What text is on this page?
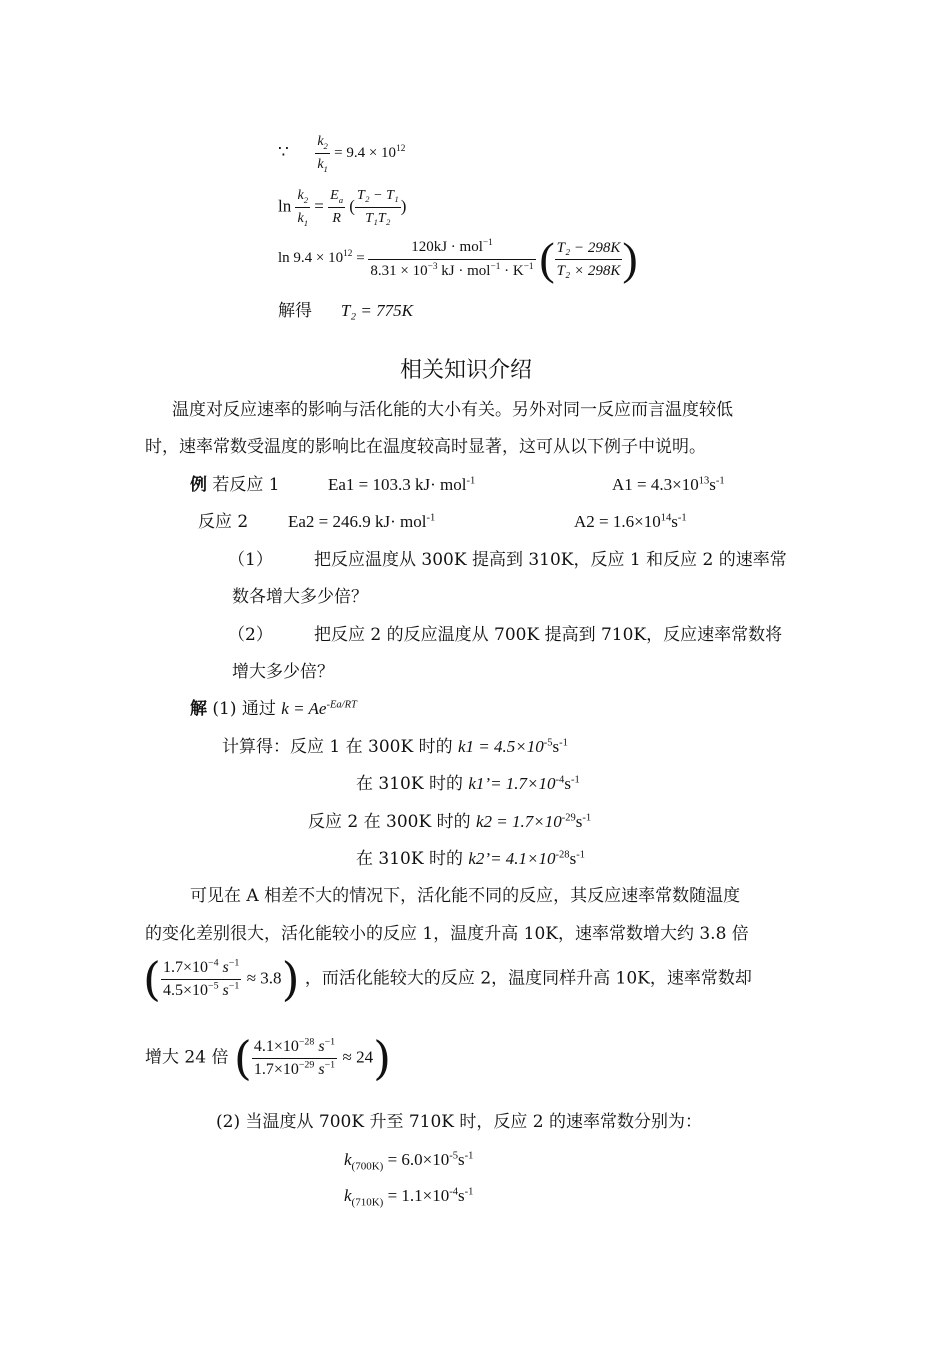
∵ $\frac{k_2}{k_1} = 9.4 \times 10^{12}$
$\ln \frac{k_2}{k_1} = \frac{E_a}{R}$ ( $\frac{\text{T₂ − T₁}}{\text{T₁T₂}}$ )
$\ln 9.4 \times 10^{12} = \frac{120kJ \cdot mol^{-1}}{8.31 \times 10^{-3} kJ \cdot mol^{-1} \cdot K^{-1}}$ ( $\frac{\text{T₂ − 298K}}{\text{T₂ × 298K}}$ )
解得 T₂ = 775K
相关知识介绍
温度对反应速率的影响与活化能的大小有关。另外对同一反应而言温度较低
时，速率常数受温度的影响比在温度较高时显著，这可从以下例子中说明。
例 若反应 1	Ea1 = 103.3 kJ· mol$^{-1}$	$A1 = 4.3\times 10^{13}s^{-1}$
反应 2 Ea2 = 246.9 kJ· mol$^{-1}$	$A2 = 1.6\times 10^{14}s^{-1}$
（1） 把反应温度从 300K 提高到 310K，反应 1 和反应 2 的速率常
数各增大多少倍？
（2） 把反应 2 的反应温度从 700K 提高到 710K，反应速率常数将
增大多少倍？
解 (1) 通过 $k = Ae^{-Ea/RT}$
计算得：反应 1 在 300K 时的 $k1 = 4.5\times 10^{-5}s^{-1}$
在 310K 时的 k1’= $1.7\times 10^{-4}s^{-1}$
反应 2 在 300K 时的 $k2 = 1.7\times 10^{-29}s^{-1}$
在 310K 时的 k2’= $4.1\times 10^{-28}s^{-1}$
可见在 A 相差不大的情况下，活化能不同的反应，其反应速率常数随温度
的变化差别很大，活化能较小的反应 1，温度升高 10K，速率常数增大约 3.8 倍
( $\frac{1.7\times 10^{-4} s^{-1}}{4.5\times 10^{-5} s^{-1}} \approx 3.8$) ，而活化能较大的反应 2，温度同样升高 10K，速率常数却
增大 24 倍 ( $\frac{4.1\times 10^{-28} s^{-1}}{1.7\times 10^{-29} s^{-1}} \approx 24$)
(2) 当温度从 700K 升至 710K 时，反应 2 的速率常数分别为：
$k_{(700K)} = 6.0\times 10^{-5}s^{-1}$
$k_{(710K)} = 1.1\times 10^{-4}s^{-1}$
